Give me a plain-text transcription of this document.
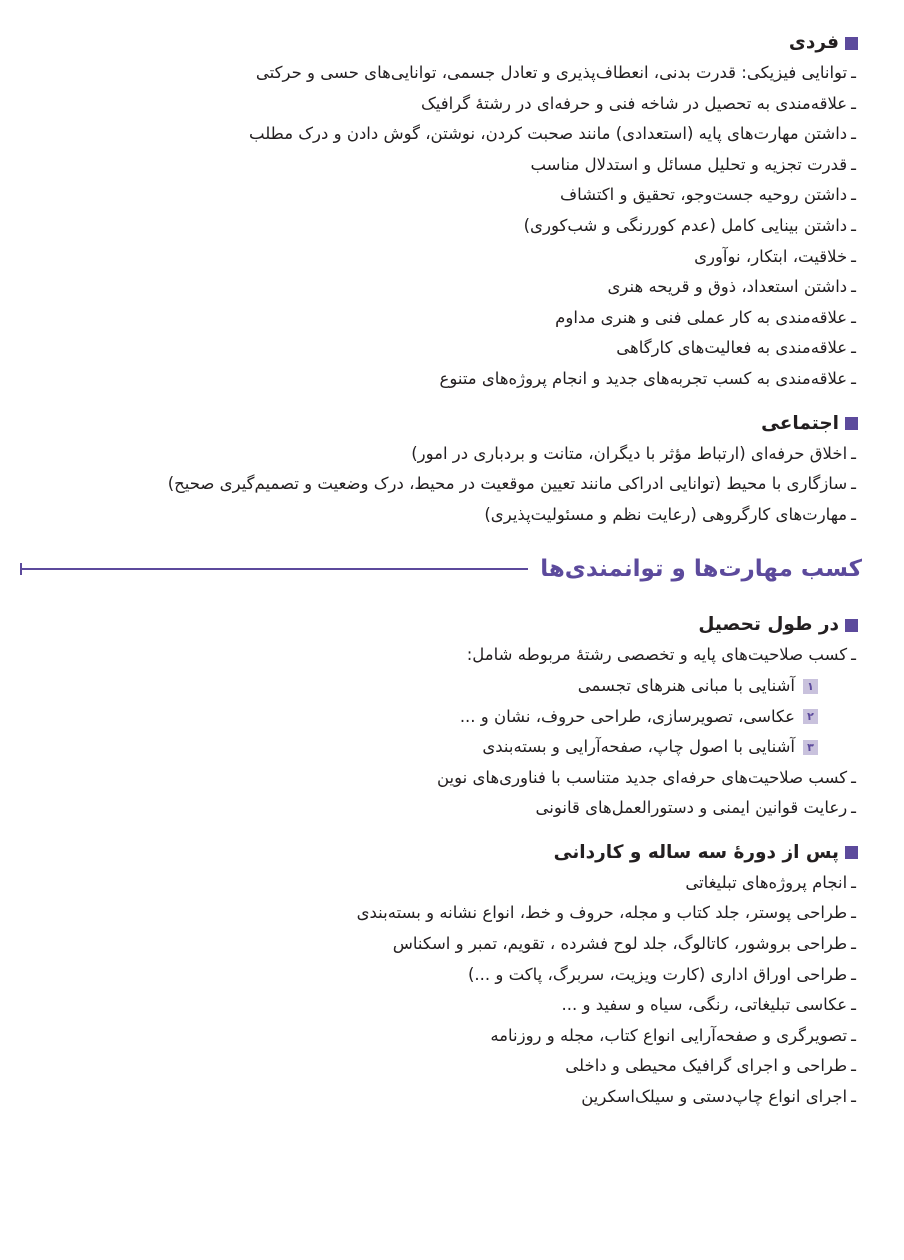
فردی
ـتوانایی فیزیکی: قدرت بدنی، انعطاف‌پذیری و تعادل جسمی، توانایی‌های حسی و حرکتی
ـعلاقه‌مندی به تحصیل در شاخه فنی و حرفه‌ای در رشتهٔ گرافیک
ـداشتن مهارت‌های پایه (استعدادی) مانند صحبت کردن، نوشتن، گوش دادن و درک مطلب
ـقدرت تجزیه و تحلیل مسائل و استدلال مناسب
ـداشتن روحیه جست‌وجو، تحقیق و اکتشاف
ـداشتن بینایی کامل (عدم کوررنگی و شب‌کوری)
ـخلاقیت، ابتکار، نوآوری
ـداشتن استعداد، ذوق و قریحه هنری
ـعلاقه‌مندی به کار عملی فنی و هنری مداوم
ـعلاقه‌مندی به فعالیت‌های کارگاهی
ـعلاقه‌مندی به کسب تجربه‌های جدید و انجام پروژه‌های متنوع
اجتماعی
ـاخلاق حرفه‌ای (ارتباط مؤثر با دیگران، متانت و بردباری در امور)
ـسازگاری با محیط (توانایی ادراکی مانند تعیین موقعیت در محیط، درک وضعیت و تصمیم‌گیری صحیح)
ـمهارت‌های کارگروهی (رعایت نظم و مسئولیت‌پذیری)
کسب مهارت‌ها و توانمندی‌ها
در طول تحصیل
ـکسب صلاحیت‌های پایه و تخصصی رشتهٔ مربوطه شامل:
۱
آشنایی با مبانی هنرهای تجسمی
۲
عکاسی، تصویرسازی، طراحی حروف، نشان و ...
۳
آشنایی با اصول چاپ، صفحه‌آرایی و بسته‌بندی
ـکسب صلاحیت‌های حرفه‌ای جدید متناسب با فناوری‌های نوین
ـرعایت قوانین ایمنی و دستورالعمل‌های قانونی
پس از دورهٔ سه ساله و کاردانی
ـانجام پروژه‌های تبلیغاتی
ـطراحی پوستر، جلد کتاب و مجله، حروف و خط، انواع نشانه و بسته‌بندی
ـطراحی بروشور، کاتالوگ، جلد لوح فشرده ، تقویم، تمبر و اسکناس
ـطراحی اوراق اداری (کارت ویزیت، سربرگ، پاکت و ...)
ـعکاسی تبلیغاتی، رنگی، سیاه و سفید و ...
ـتصویرگری و صفحه‌آرایی انواع کتاب، مجله و روزنامه
ـطراحی و اجرای گرافیک محیطی و داخلی
ـاجرای انواع چاپ‌دستی و سیلک‌اسکرین
